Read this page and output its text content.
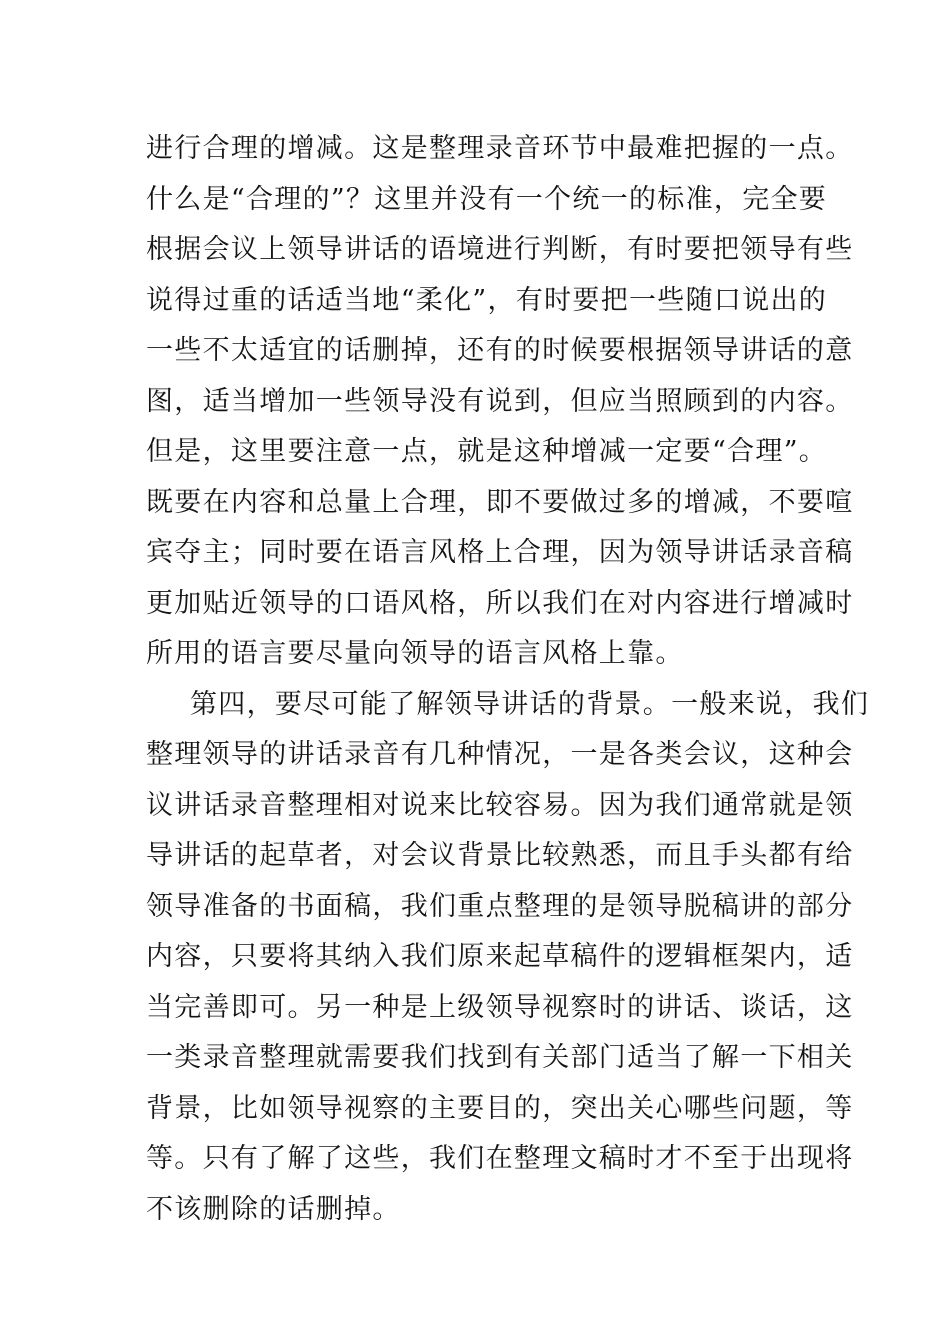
进行合理的增减。这是整理录音环节中最难把握的一点。

什么是“合理的”？这里并没有一个统一的标准，完全要

根据会议上领导讲话的语境进行判断，有时要把领导有些

说得过重的话适当地“柔化”，有时要把一些随口说出的

一些不太适宜的话删掉，还有的时候要根据领导讲话的意

图，适当增加一些领导没有说到，但应当照顾到的内容。

但是，这里要注意一点，就是这种增减一定要“合理”。

既要在内容和总量上合理，即不要做过多的增减，不要喧

宾夺主；同时要在语言风格上合理，因为领导讲话录音稿

更加贴近领导的口语风格，所以我们在对内容进行增减时

所用的语言要尽量向领导的语言风格上靠。

第四，要尽可能了解领导讲话的背景。一般来说，我们

整理领导的讲话录音有几种情况，一是各类会议，这种会

议讲话录音整理相对说来比较容易。因为我们通常就是领

导讲话的起草者，对会议背景比较熟悉，而且手头都有给

领导准备的书面稿，我们重点整理的是领导脱稿讲的部分

内容，只要将其纳入我们原来起草稿件的逻辑框架内，适

当完善即可。另一种是上级领导视察时的讲话、谈话，这

一类录音整理就需要我们找到有关部门适当了解一下相关

背景，比如领导视察的主要目的，突出关心哪些问题，等

等。只有了解了这些，我们在整理文稿时才不至于出现将

不该删除的话删掉。
